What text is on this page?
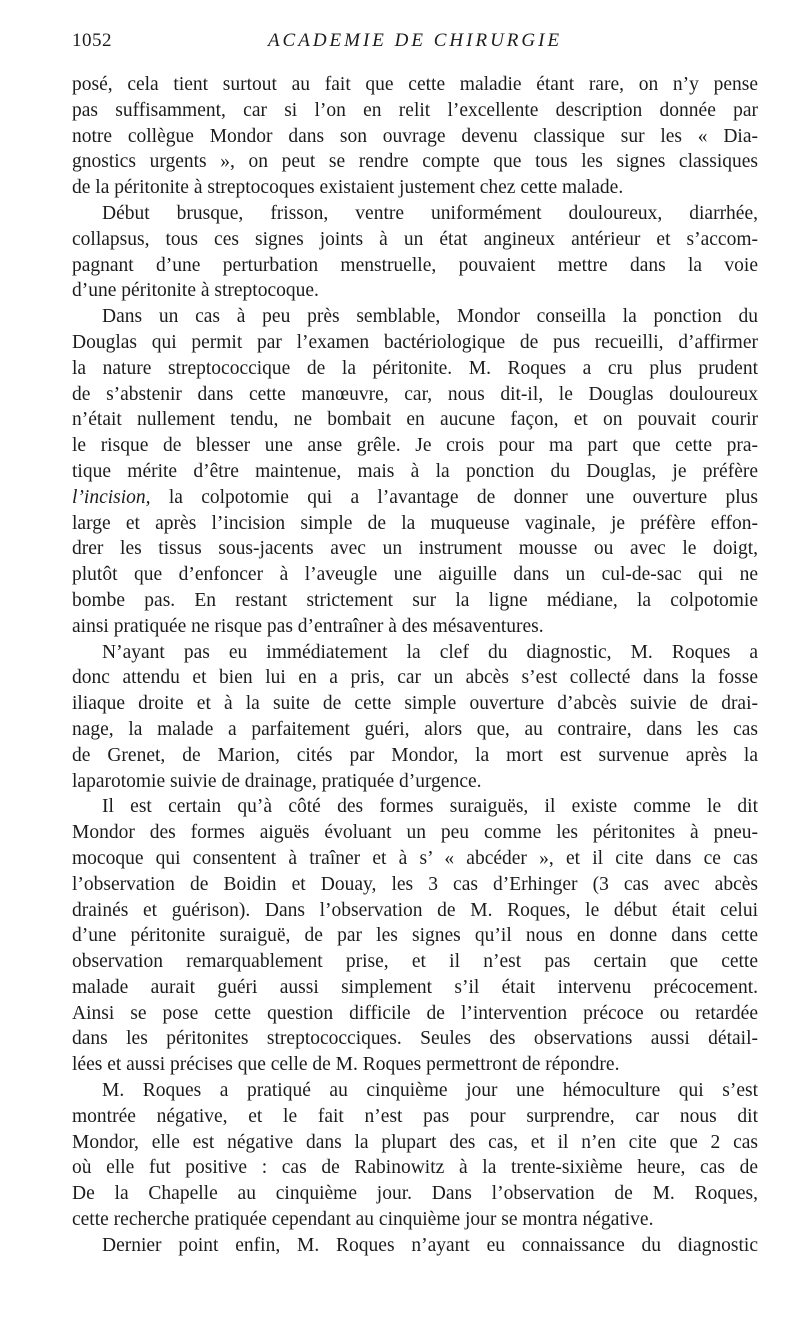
1052	ACADEMIE DE CHIRURGIE
posé, cela tient surtout au fait que cette maladie étant rare, on n’y pense
pas suffisamment, car si l’on en relit l’excellente description donnée par
notre collègue Mondor dans son ouvrage devenu classique sur les « Dia-
gnostics urgents », on peut se rendre compte que tous les signes classiques
de la péritonite à streptocoques existaient justement chez cette malade.
Début brusque, frisson, ventre uniformément douloureux, diarrhée,
collapsus, tous ces signes joints à un état angineux antérieur et s’accom-
pagnant d’une perturbation menstruelle, pouvaient mettre dans la voie
d’une péritonite à streptocoque.
Dans un cas à peu près semblable, Mondor conseilla la ponction du
Douglas qui permit par l’examen bactériologique de pus recueilli, d’affirmer
la nature streptococcique de la péritonite. M. Roques a cru plus prudent
de s’abstenir dans cette manœuvre, car, nous dit-il, le Douglas douloureux
n’était nullement tendu, ne bombait en aucune façon, et on pouvait courir
le risque de blesser une anse grêle. Je crois pour ma part que cette pra-
tique mérite d’être maintenue, mais à la ponction du Douglas, je préfère
l’incision, la colpotomie qui a l’avantage de donner une ouverture plus
large et après l’incision simple de la muqueuse vaginale, je préfère effon-
drer les tissus sous-jacents avec un instrument mousse ou avec le doigt,
plutôt que d’enfoncer à l’aveugle une aiguille dans un cul-de-sac qui ne
bombe pas. En restant strictement sur la ligne médiane, la colpotomie
ainsi pratiquée ne risque pas d’entraîner à des mésaventures.
N’ayant pas eu immédiatement la clef du diagnostic, M. Roques a
donc attendu et bien lui en a pris, car un abcès s’est collecté dans la fosse
iliaque droite et à la suite de cette simple ouverture d’abcès suivie de drai-
nage, la malade a parfaitement guéri, alors que, au contraire, dans les cas
de Grenet, de Marion, cités par Mondor, la mort est survenue après la
laparotomie suivie de drainage, pratiquée d’urgence.
Il est certain qu’à côté des formes suraiguës, il existe comme le dit
Mondor des formes aiguës évoluant un peu comme les péritonites à pneu-
mocoque qui consentent à traîner et à s’ « abcéder », et il cite dans ce cas
l’observation de Boidin et Douay, les 3 cas d’Erhinger (3 cas avec abcès
drainés et guérison). Dans l’observation de M. Roques, le début était celui
d’une péritonite suraiguë, de par les signes qu’il nous en donne dans cette
observation remarquablement prise, et il n’est pas certain que cette
malade aurait guéri aussi simplement s’il était intervenu précocement.
Ainsi se pose cette question difficile de l’intervention précoce ou retardée
dans les péritonites streptococciques. Seules des observations aussi détail-
lées et aussi précises que celle de M. Roques permettront de répondre.
M. Roques a pratiqué au cinquième jour une hémoculture qui s’est
montrée négative, et le fait n’est pas pour surprendre, car nous dit
Mondor, elle est négative dans la plupart des cas, et il n’en cite que 2 cas
où elle fut positive : cas de Rabinowitz à la trente-sixième heure, cas de
De la Chapelle au cinquième jour. Dans l’observation de M. Roques,
cette recherche pratiquée cependant au cinquième jour se montra négative.
Dernier point enfin, M. Roques n’ayant eu connaissance du diagnostic
